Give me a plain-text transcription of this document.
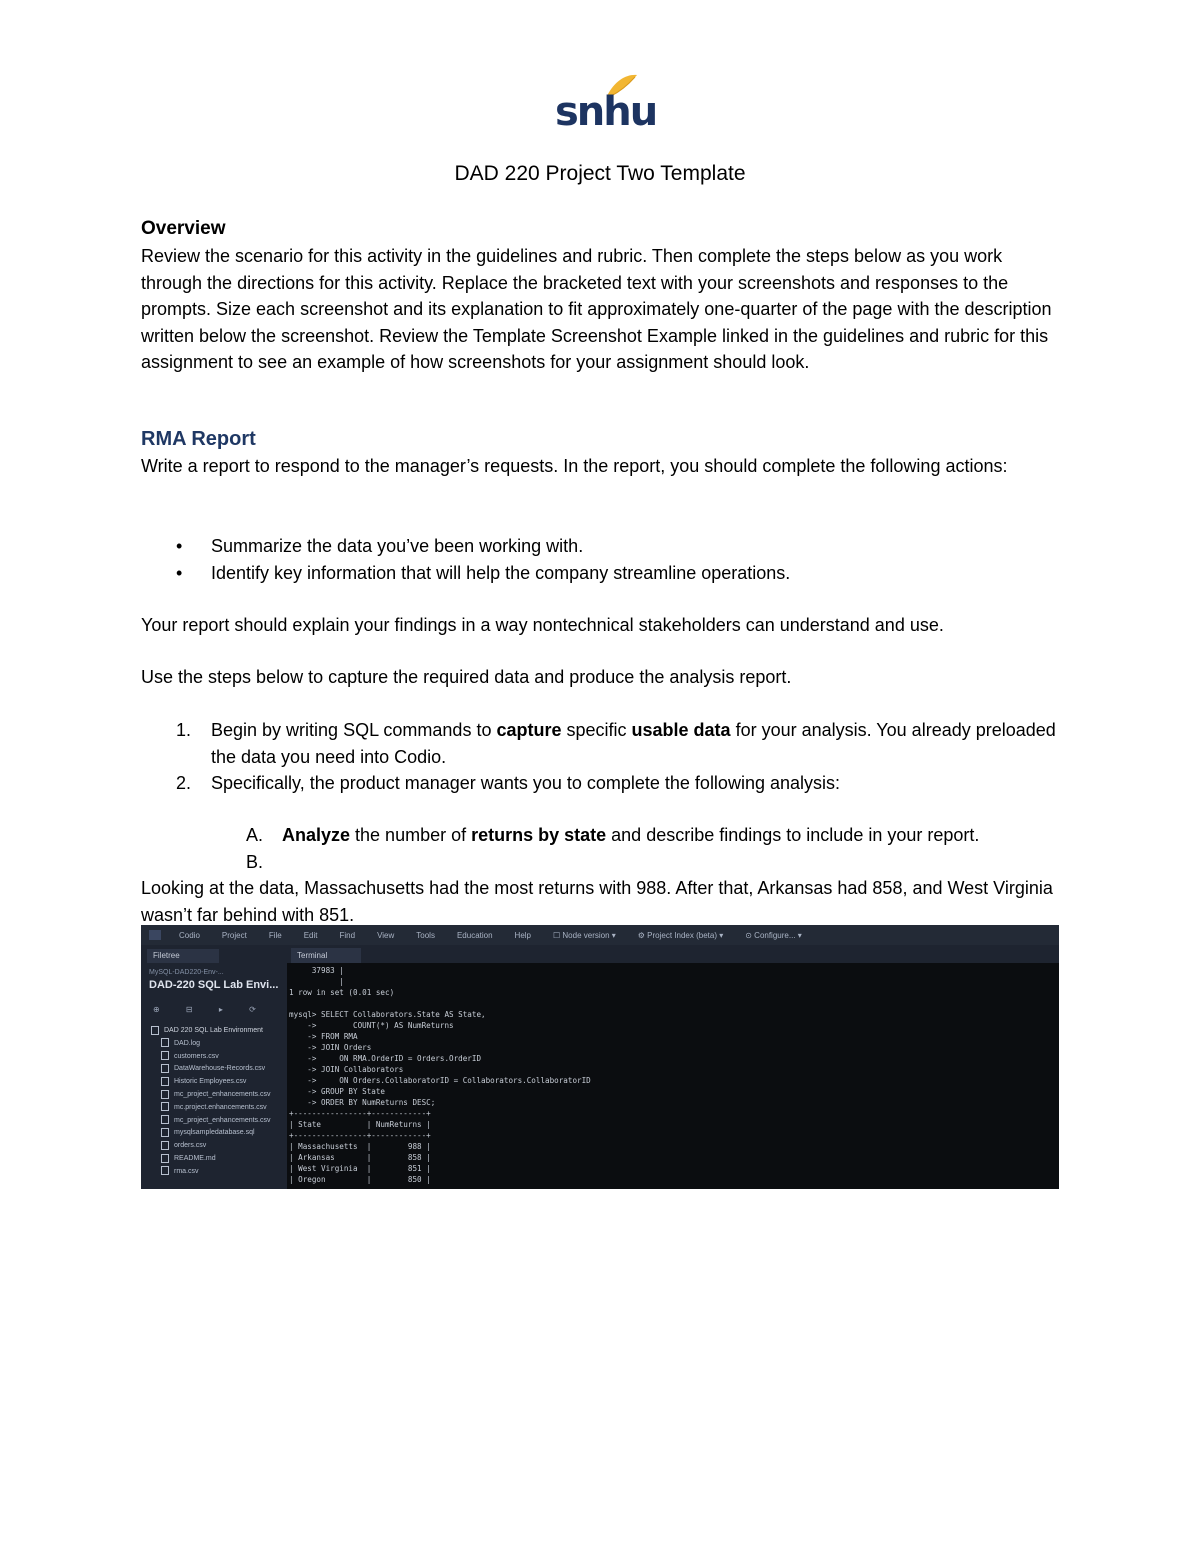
snhu
DAD 220 Project Two Template
Overview
Review the scenario for this activity in the guidelines and rubric. Then complete the steps below as you work through the directions for this activity. Replace the bracketed text with your screenshots and responses to the prompts. Size each screenshot and its explanation to fit approximately one-quarter of the page with the description written below the screenshot. Review the Template Screenshot Example linked in the guidelines and rubric for this assignment to see an example of how screenshots for your assignment should look.
RMA Report
Write a report to respond to the manager’s requests. In the report, you should complete the following actions:
• Summarize the data you’ve been working with.
• Identify key information that will help the company streamline operations.
Your report should explain your findings in a way nontechnical stakeholders can understand and use.
Use the steps below to capture the required data and produce the analysis report.
1. Begin by writing SQL commands to capture specific usable data for your analysis. You already preloaded the data you need into Codio.
2. Specifically, the product manager wants you to complete the following analysis:
A. Analyze the number of returns by state and describe findings to include in your report.
B.
Looking at the data, Massachusetts had the most returns with 988. After that, Arkansas had 858, and West Virginia wasn’t far behind with 851.
Codio	Project	File	Edit	Find	View	Tools	Education	Help	☐ Node version ▾	⚙ Project Index (beta) ▾	⊙ Configure... ▾
Filetree
MySQL-DAD220-Env-...
DAD-220 SQL Lab Envi...
⊕ ⊟ ▸ ⟳
DAD 220 SQL Lab Environment
DAD.log
customers.csv
DataWarehouse-Records.csv
Historic Employees.csv
mc_project_enhancements.csv
mc.project.enhancements.csv
mc_project_enhancements.csv
mysqlsampledatabase.sql
orders.csv
README.md
rma.csv
Terminal
37983 |
|
1 row in set (0.01 sec)

mysql> SELECT Collaborators.State AS State,
->        COUNT(*) AS NumReturns
-> FROM RMA
-> JOIN Orders
->     ON RMA.OrderID = Orders.OrderID
-> JOIN Collaborators
->     ON Orders.CollaboratorID = Collaborators.CollaboratorID
-> GROUP BY State
-> ORDER BY NumReturns DESC;
+----------------+------------+
| State          | NumReturns |
+----------------+------------+
| Massachusetts  |        988 |
| Arkansas       |        858 |
| West Virginia  |        851 |
| Oregon         |        850 |
